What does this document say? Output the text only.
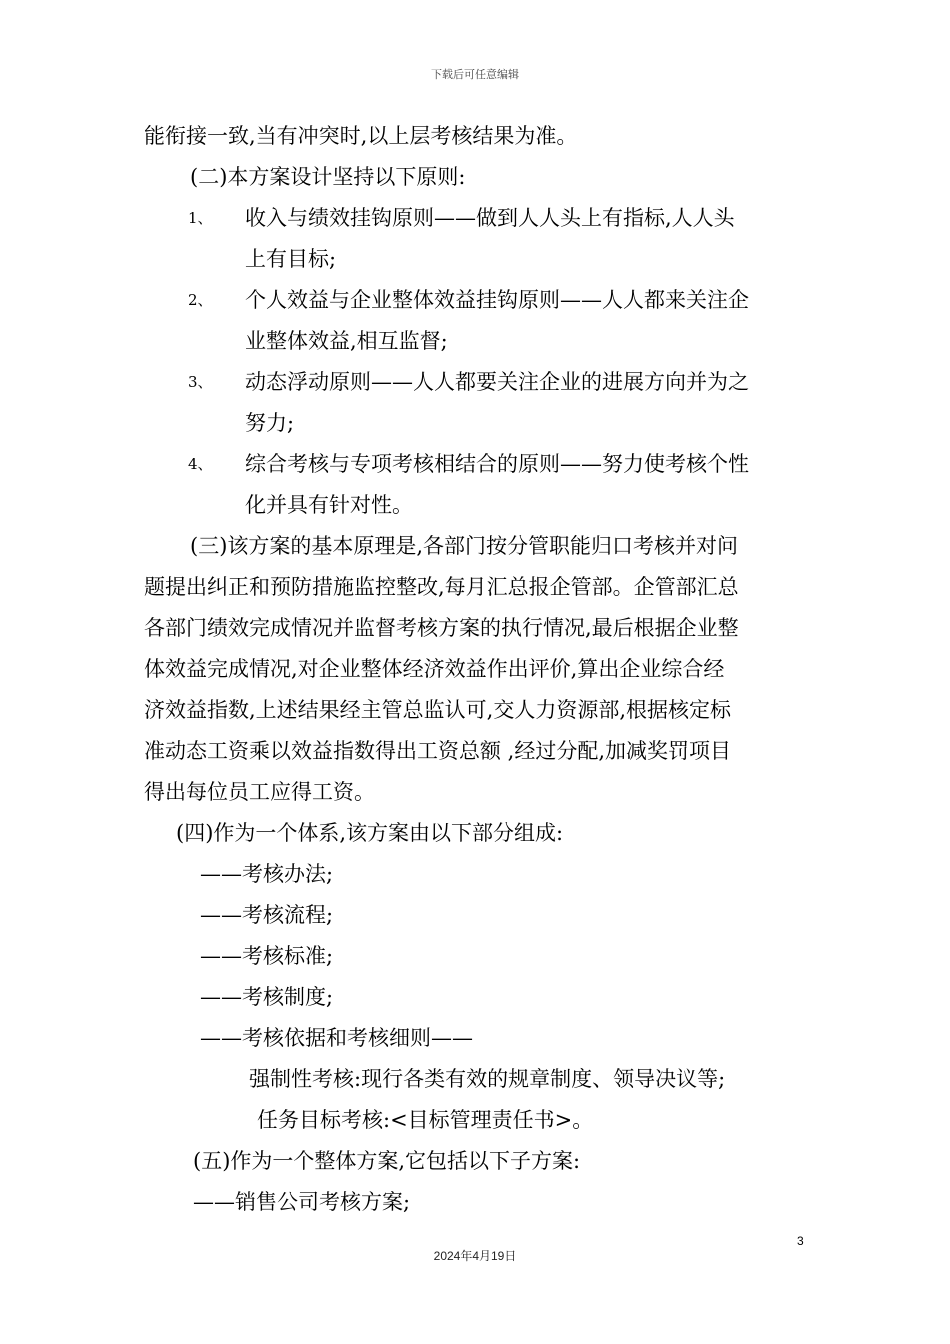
下载后可任意编辑
能衔接一致,当有冲突时,以上层考核结果为准。
(二)本方案设计坚持以下原则:
1、 收入与绩效挂钩原则——做到人人头上有指标,人人头
上有目标;
2、 个人效益与企业整体效益挂钩原则——人人都来关注企
业整体效益,相互监督;
3、 动态浮动原则——人人都要关注企业的进展方向并为之
努力;
4、 综合考核与专项考核相结合的原则——努力使考核个性
化并具有针对性。
(三)该方案的基本原理是,各部门按分管职能归口考核并对问
题提出纠正和预防措施监控整改,每月汇总报企管部。企管部汇总
各部门绩效完成情况并监督考核方案的执行情况,最后根据企业整
体效益完成情况,对企业整体经济效益作出评价,算出企业综合经
济效益指数,上述结果经主管总监认可,交人力资源部,根据核定标
准动态工资乘以效益指数得出工资总额 ,经过分配,加减奖罚项目
得出每位员工应得工资。
(四)作为一个体系,该方案由以下部分组成:
——考核办法;
——考核流程;
——考核标准;
——考核制度;
——考核依据和考核细则——
强制性考核:现行各类有效的规章制度、领导决议等;
任务目标考核:<目标管理责任书>。
(五)作为一个整体方案,它包括以下子方案:
——销售公司考核方案;
3
2024年4月19日
